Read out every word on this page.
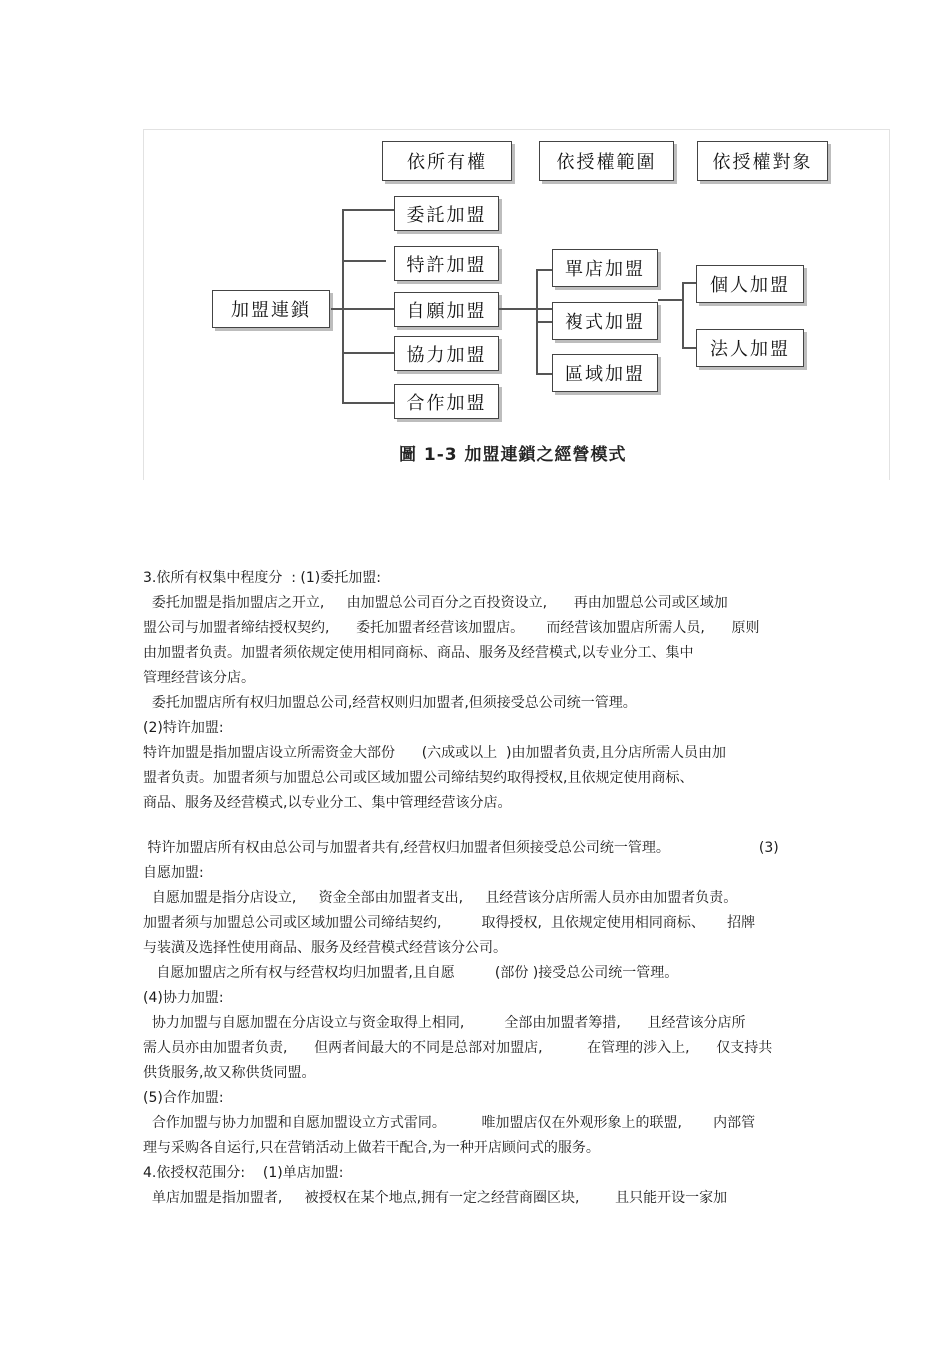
依所有權	依授權範圍	依授權對象
加盟連鎖
委託加盟
特許加盟
自願加盟
協力加盟
合作加盟
單店加盟
複式加盟
區域加盟
個人加盟
法人加盟
圖 1-3 加盟連鎖之經營模式

3.依所有权集中程度分  : (1)委托加盟:

委托加盟是指加盟店之开立,     由加盟总公司百分之百投资设立,      再由加盟总公司或区域加

盟公司与加盟者缔结授权契约,      委托加盟者经营该加盟店。     而经营该加盟店所需人员,      原则

由加盟者负责。加盟者须依规定使用相同商标、商品、服务及经营模式,以专业分工、集中

管理经营该分店。

委托加盟店所有权归加盟总公司,经营权则归加盟者,但须接受总公司统一管理。

(2)特许加盟:

特许加盟是指加盟店设立所需资金大部份      (六成或以上  )由加盟者负责,且分店所需人员由加

盟者负责。加盟者须与加盟总公司或区域加盟公司缔结契约取得授权,且依规定使用商标、

商品、服务及经营模式,以专业分工、集中管理经营该分店。

特许加盟店所有权由总公司与加盟者共有,经营权归加盟者但须接受总公司统一管理。                    (3)

自愿加盟:

自愿加盟是指分店设立,     资金全部由加盟者支出,     且经营该分店所需人员亦由加盟者负责。

加盟者须与加盟总公司或区域加盟公司缔结契约,         取得授权,  且依规定使用相同商标、     招牌

与装潢及选择性使用商品、服务及经营模式经营该分公司。

自愿加盟店之所有权与经营权均归加盟者,且自愿         (部份 )接受总公司统一管理。

(4)协力加盟:

协力加盟与自愿加盟在分店设立与资金取得上相同,         全部由加盟者筹措,      且经营该分店所

需人员亦由加盟者负责,      但两者间最大的不同是总部对加盟店,          在管理的涉入上,      仅支持共

供货服务,故又称供货同盟。

(5)合作加盟:

合作加盟与协力加盟和自愿加盟设立方式雷同。        唯加盟店仅在外观形象上的联盟,       内部管

理与采购各自运行,只在营销活动上做若干配合,为一种开店顾问式的服务。

4.依授权范围分:    (1)单店加盟:

单店加盟是指加盟者,     被授权在某个地点,拥有一定之经营商圈区块,        且只能开设一家加
